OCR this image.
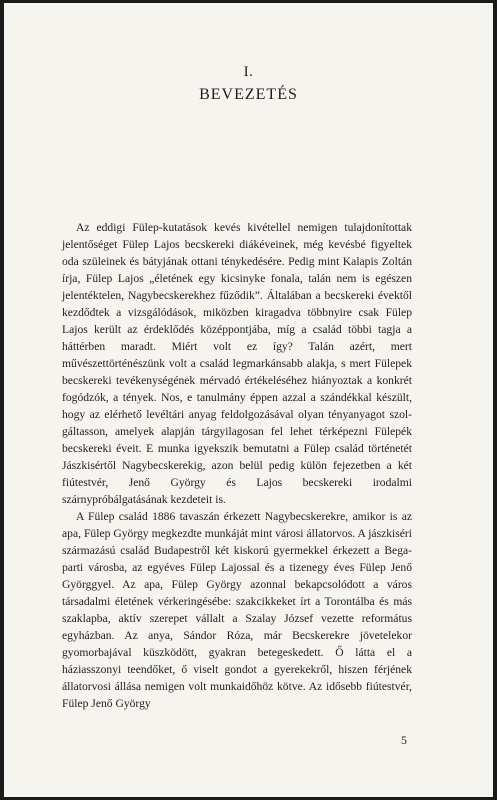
I.
BEVEZETÉS

Az eddigi Fülep-kutatások kevés kivétellel nemigen tulajdonítottak jelentőséget Fülep Lajos becskereki diákéveinek, még kevésbé figyeltek oda szüleinek és bátyjának ottani ténykedésére. Pedig mint Kalapis Zoltán írja, Fülep Lajos „életének egy kicsinyke fonala, talán nem is egészen jelentéktelen, Nagybecskerekhez fűződik”. Általában a becskereki évektől kezdődtek a vizsgálódások, miközben kiragadva többnyire csak Fülep Lajos került az érdeklődés középpontjába, míg a család többi tagja a háttérben maradt. Miért volt ez így? Talán azért, mert művészettörténészünk volt a család legmarkánsabb alakja, s mert Fülepek becskereki tevékenységének mérvadó értékeléséhez hiányoztak a konkrét fogódzók, a tények. Nos, e tanulmány éppen azzal a szándékkal készült, hogy az elérhető levéltári anyag feldolgozásával olyan tényanyagot szolgáltasson, amelyek alapján tárgyilagosan fel lehet térképezni Fülepék becskereki éveit. E munka igyekszik bemutatni a Fülep család történetét Jászkisértől Nagybecskerekig, azon belül pedig külön fejezetben a két fiútestvér, Jenő György és Lajos becskereki irodalmi szárnypróbálgatásának kezdeteit is.

A Fülep család 1886 tavaszán érkezett Nagybecskerekre, amikor is az apa, Fülep György megkezdte munkáját mint városi állatorvos. A jászkiséri származású család Budapestről két kiskorú gyermekkel érkezett a Bega-parti városba, az egyéves Fülep Lajossal és a tizenegy éves Fülep Jenő Györggyel. Az apa, Fülep György azonnal bekapcsolódott a város társadalmi életének vérkeringésébe: szakcikkeket írt a Torontálba és más szaklapba, aktív szerepet vállalt a Szalay József vezette református egyházban. Az anya, Sándor Róza, már Becskerekre jövetelekor gyomorbajával küszködött, gyakran betegeskedett. Ő látta el a háziasszonyi teendőket, ő viselt gondot a gyerekekről, hiszen férjének állatorvosi állása nemigen volt munkaidőhöz kötve. Az idősebb fiútestvér, Fülep Jenő György

5
